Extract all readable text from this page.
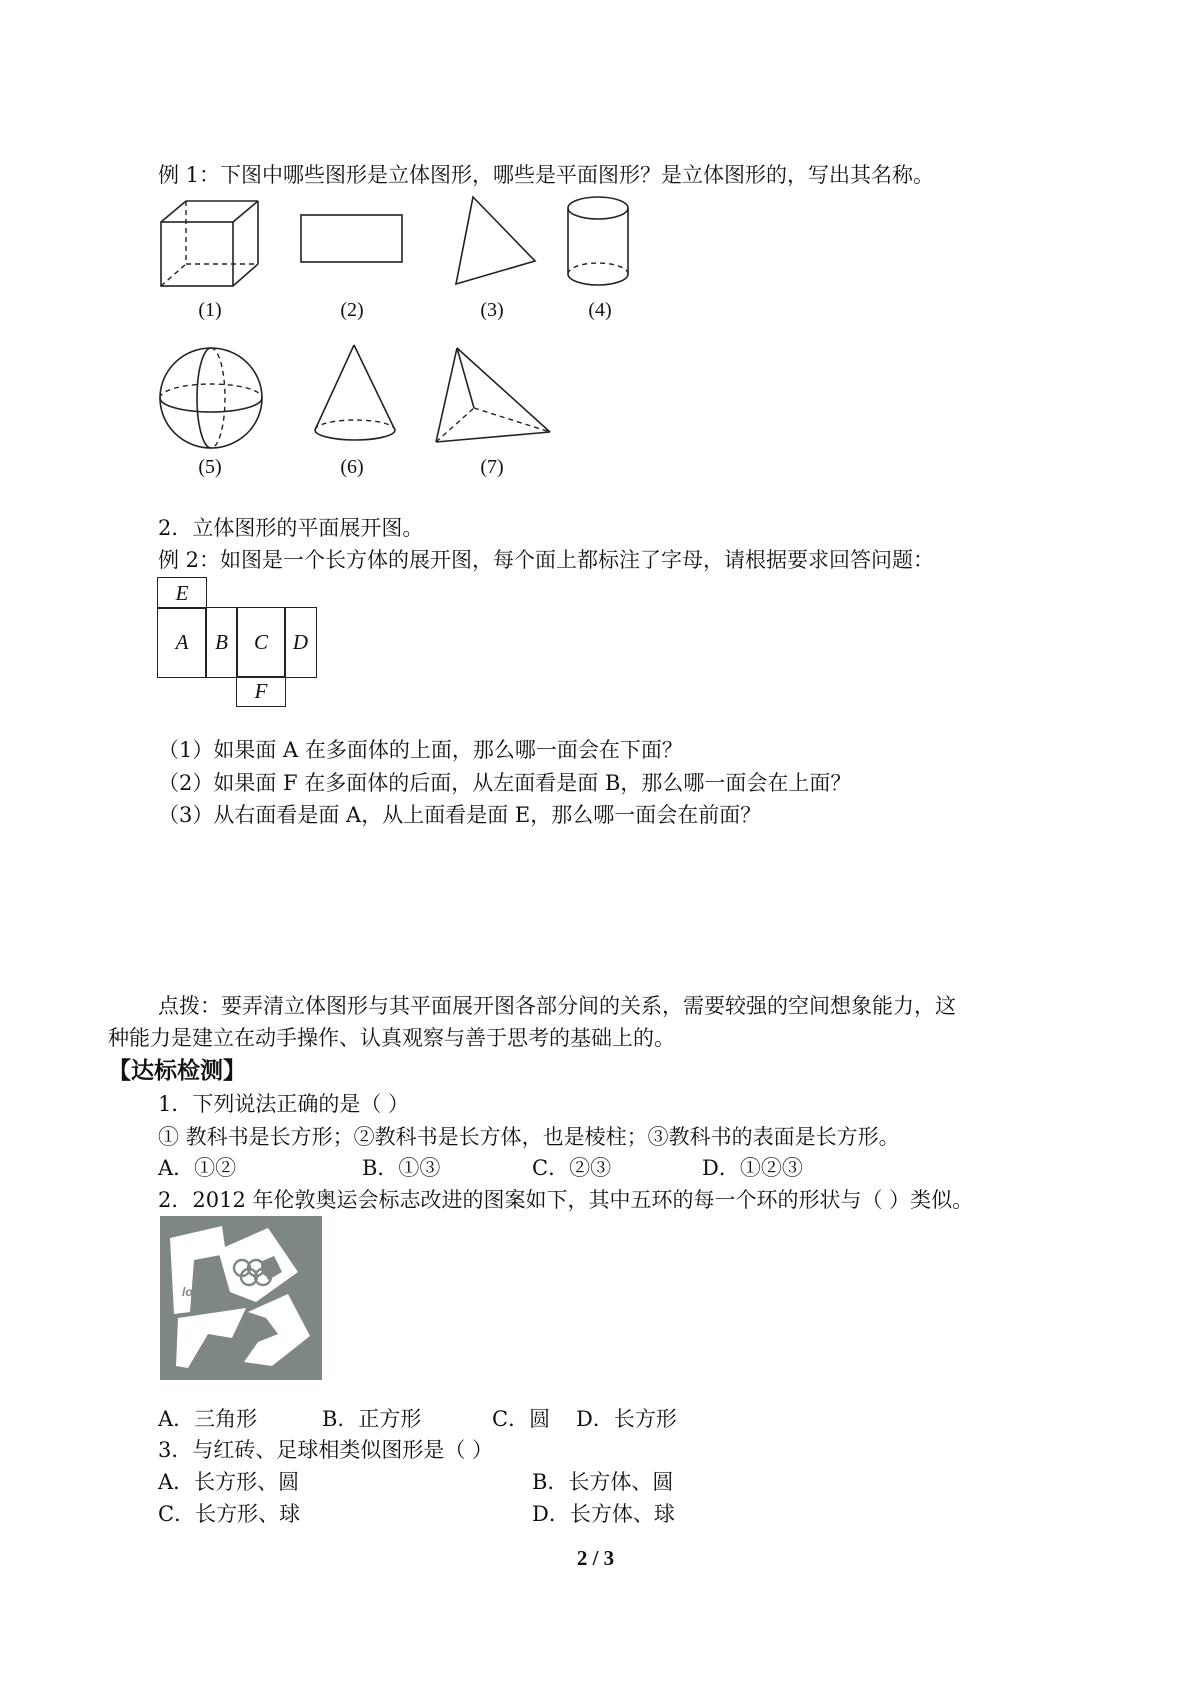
例 1：下图中哪些图形是立体图形，哪些是平面图形？是立体图形的，写出其名称。
(1)	(2)	(3)	(4)
(5)	(6)	(7)
2．立体图形的平面展开图。
例 2：如图是一个长方体的展开图，每个面上都标注了字母，请根据要求回答问题：
E
A	B	C	D
F
（1）如果面 A 在多面体的上面，那么哪一面会在下面？
（2）如果面 F 在多面体的后面，从左面看是面 B，那么哪一面会在上面？
（3）从右面看是面 A，从上面看是面 E，那么哪一面会在前面？
点拨：要弄清立体图形与其平面展开图各部分间的关系，需要较强的空间想象能力，这
种能力是建立在动手操作、认真观察与善于思考的基础上的。
【达标检测】
1．下列说法正确的是（ ）
① 教科书是长方形；②教科书是长方体，也是棱柱；③教科书的表面是长方形。
A．①②	B．①③	C．②③	D．①②③
2．2012 年伦敦奥运会标志改进的图案如下，其中五环的每一个环的形状与（ ）类似。
london
A．三角形	B．正方形	C．圆 D．长方形
3．与红砖、足球相类似图形是（ ）
A．长方形、圆	B．长方体、圆
C．长方形、球	D．长方体、球
2 / 3
